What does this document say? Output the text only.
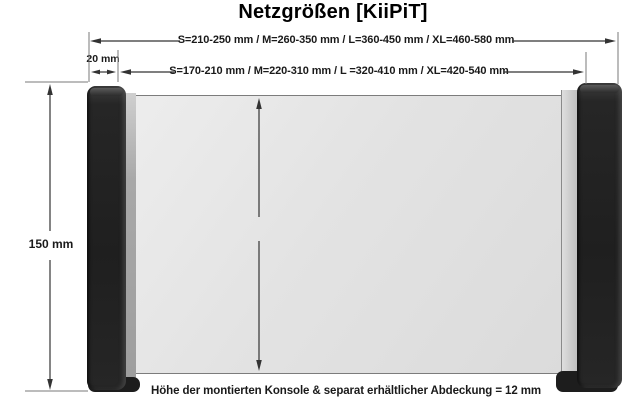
Netzgrößen [KiiPiT]
S=210-250 mm / M=260-350 mm / L=360-450 mm / XL=460-580 mm
20 mm
S=170-210 mm / M=220-310 mm / L =320-410 mm / XL=420-540 mm
150 mm
Höhe der montierten Konsole & separat erhältlicher Abdeckung = 12 mm
